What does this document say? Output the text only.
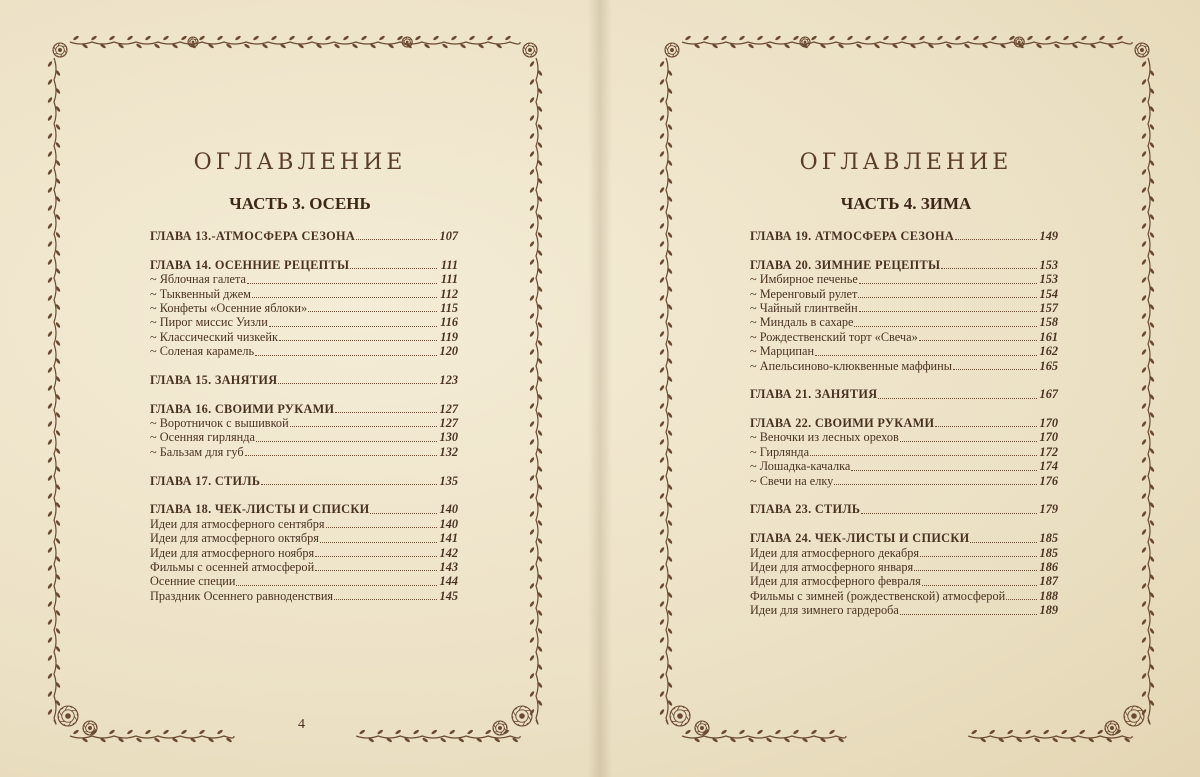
ОГЛАВЛЕНИЕ
ЧАСТЬ 3. ОСЕНЬ
ГЛАВА 13.-АТМОСФЕРА СЕЗОНА	107
ГЛАВА 14. ОСЕННИЕ РЕЦЕПТЫ	111
~ Яблочная галета	111
~ Тыквенный джем	112
~ Конфеты «Осенние яблоки»	115
~ Пирог миссис Уизли	116
~ Классический чизкейк	119
~ Соленая карамель	120
ГЛАВА 15. ЗАНЯТИЯ	123
ГЛАВА 16. СВОИМИ РУКАМИ	127
~ Воротничок с вышивкой	127
~ Осенняя гирлянда	130
~ Бальзам для губ	132
ГЛАВА 17. СТИЛЬ	135
ГЛАВА 18. ЧЕК-ЛИСТЫ И СПИСКИ	140
Идеи для атмосферного сентября	140
Идеи для атмосферного октября	141
Идеи для атмосферного ноября	142
Фильмы с осенней атмосферой	143
Осенние специи	144
Праздник Осеннего равноденствия	145
4
ОГЛАВЛЕНИЕ
ЧАСТЬ 4. ЗИМА
ГЛАВА 19. АТМОСФЕРА СЕЗОНА	149
ГЛАВА 20. ЗИМНИЕ РЕЦЕПТЫ	153
~ Имбирное печенье	153
~ Меренговый рулет	154
~ Чайный глинтвейн	157
~ Миндаль в сахаре	158
~ Рождественский торт «Свеча»	161
~ Марципан	162
~ Апельсиново-клюквенные маффины	165
ГЛАВА 21. ЗАНЯТИЯ	167
ГЛАВА 22. СВОИМИ РУКАМИ	170
~ Веночки из лесных орехов	170
~ Гирлянда	172
~ Лошадка-качалка	174
~ Свечи на елку	176
ГЛАВА 23. СТИЛЬ	179
ГЛАВА 24. ЧЕК-ЛИСТЫ И СПИСКИ	185
Идеи для атмосферного декабря	185
Идеи для атмосферного января	186
Идеи для атмосферного февраля	187
Фильмы с зимней (рождественской) атмосферой	188
Идеи для зимнего гардероба	189
